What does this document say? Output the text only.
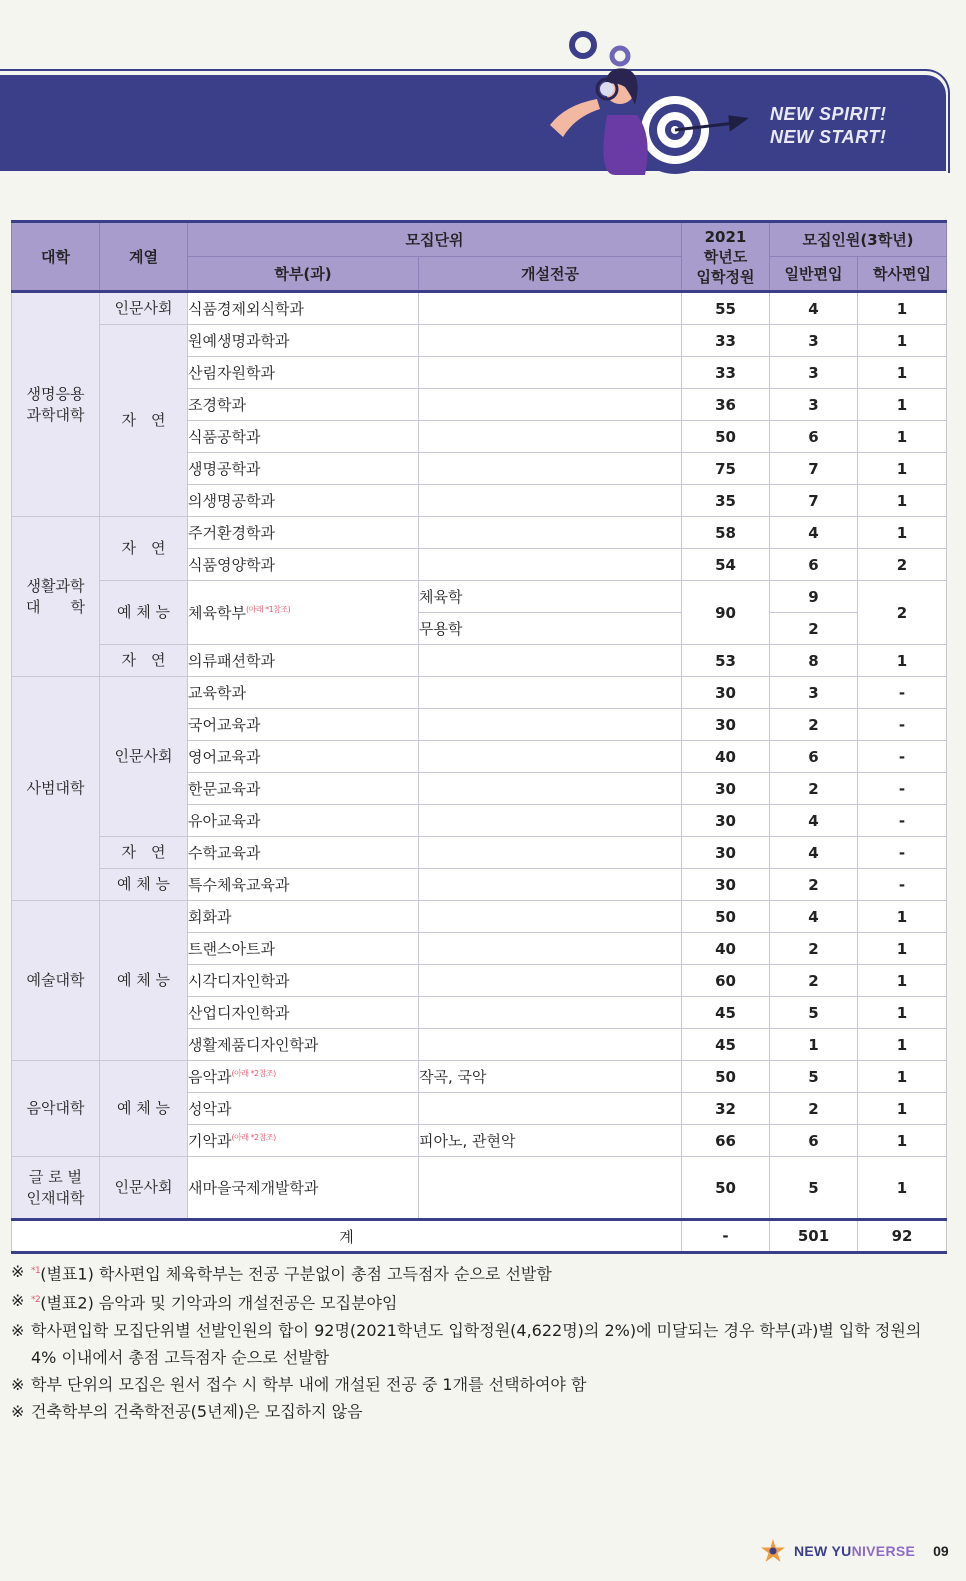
NEW SPIRIT!
NEW START!
대학	계열	모집단위		2021
학년도
입학정원	모집인원(3학년)	
		학부(과)	개설전공		일반편입	학사편입

생명응용
과학대학	인문사회	식품경제외식학과		55	4	1
	자　연	원예생명과학과		33	3	1
		산림자원학과		33	3	1
		조경학과		36	3	1
		식품공학과		50	6	1
		생명공학과		75	7	1
		의생명공학과		35	7	1

생활과학
대　　학	자　연	주거환경학과		58	4	1
		식품영양학과		54	6	2
	예 체 능	체육학부$^{(아래 *1참조)}$	체육학	90	9	2
			무용학		2	
	자　연	의류패션학과		53	8	1
사범대학	인문사회	교육학과		30	3	-
		국어교육과		30	2	-
		영어교육과		40	6	-
		한문교육과		30	2	-
		유아교육과		30	4	-
	자　연	수학교육과		30	4	-
	예 체 능	특수체육교육과		30	2	-
예술대학	예 체 능	회화과		50	4	1
		트랜스아트과		40	2	1
		시각디자인학과		60	2	1
		산업디자인학과		45	5	1
		생활제품디자인학과		45	1	1
음악대학	예 체 능	음악과$^{(아래 *2참조)}$	작곡, 국악	50	5	1
		성악과		32	2	1
		기악과$^{(아래 *2참조)}$	피아노, 관현악	66	6	1

글 로 벌
인재대학	인문사회	새마을국제개발학과		50	5	1
계				-	501	92
※ $^{*1}$(별표1) 학사편입 체육학부는 전공 구분없이 총점 고득점자 순으로 선발함
※ $^{*2}$(별표2) 음악과 및 기악과의 개설전공은 모집분야임
※ 학사편입학 모집단위별 선발인원의 합이 92명(2021학년도 입학정원(4,622명)의 2%)에 미달되는 경우 학부(과)별 입학 정원의 4% 이내에서 총점 고득점자 순으로 선발함
※ 학부 단위의 모집은 원서 접수 시 학부 내에 개설된 전공 중 1개를 선택하여야 함
※ 건축학부의 건축학전공(5년제)은 모집하지 않음
NEW YUNIVERSE 09
